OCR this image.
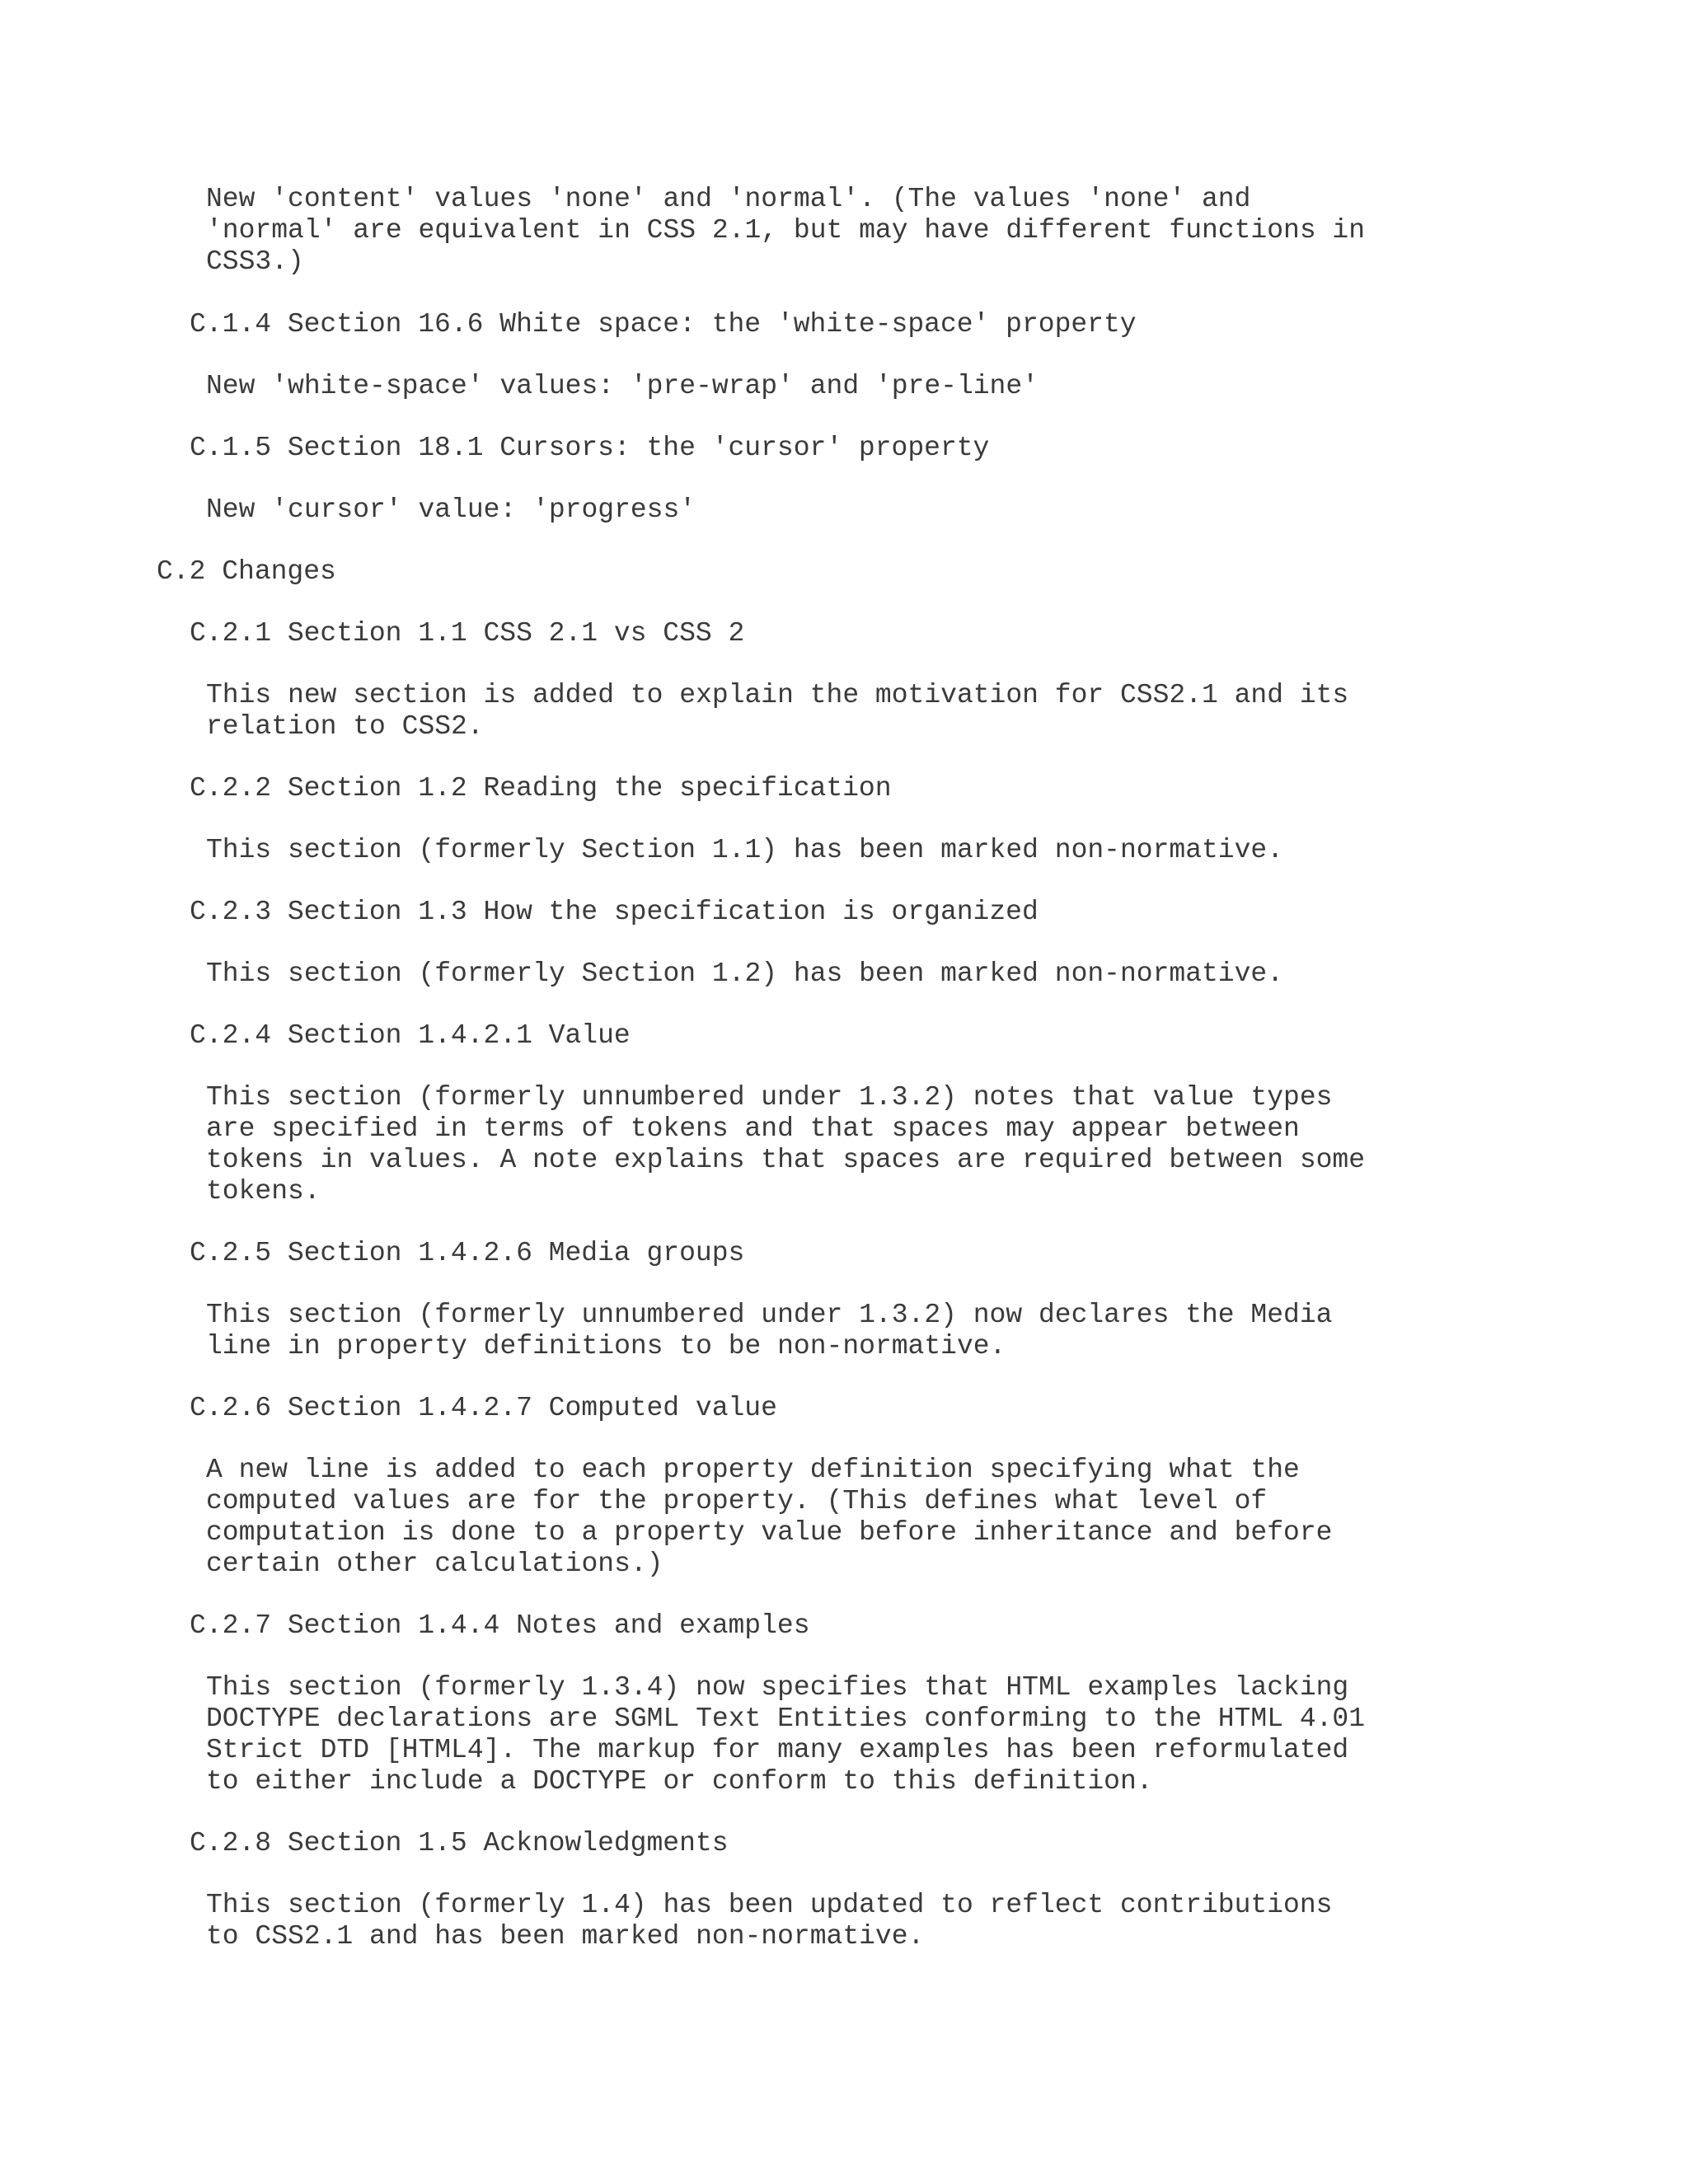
New 'content' values 'none' and 'normal'. (The values 'none' and
'normal' are equivalent in CSS 2.1, but may have different functions in
CSS3.)
C.1.4 Section 16.6 White space: the 'white-space' property
New 'white-space' values: 'pre-wrap' and 'pre-line'
C.1.5 Section 18.1 Cursors: the 'cursor' property
New 'cursor' value: 'progress'
C.2 Changes
C.2.1 Section 1.1 CSS 2.1 vs CSS 2
This new section is added to explain the motivation for CSS2.1 and its
relation to CSS2.
C.2.2 Section 1.2 Reading the specification
This section (formerly Section 1.1) has been marked non-normative.
C.2.3 Section 1.3 How the specification is organized
This section (formerly Section 1.2) has been marked non-normative.
C.2.4 Section 1.4.2.1 Value
This section (formerly unnumbered under 1.3.2) notes that value types
are specified in terms of tokens and that spaces may appear between
tokens in values. A note explains that spaces are required between some
tokens.
C.2.5 Section 1.4.2.6 Media groups
This section (formerly unnumbered under 1.3.2) now declares the Media
line in property definitions to be non-normative.
C.2.6 Section 1.4.2.7 Computed value
A new line is added to each property definition specifying what the
computed values are for the property. (This defines what level of
computation is done to a property value before inheritance and before
certain other calculations.)
C.2.7 Section 1.4.4 Notes and examples
This section (formerly 1.3.4) now specifies that HTML examples lacking
DOCTYPE declarations are SGML Text Entities conforming to the HTML 4.01
Strict DTD [HTML4]. The markup for many examples has been reformulated
to either include a DOCTYPE or conform to this definition.
C.2.8 Section 1.5 Acknowledgments
This section (formerly 1.4) has been updated to reflect contributions
to CSS2.1 and has been marked non-normative.
